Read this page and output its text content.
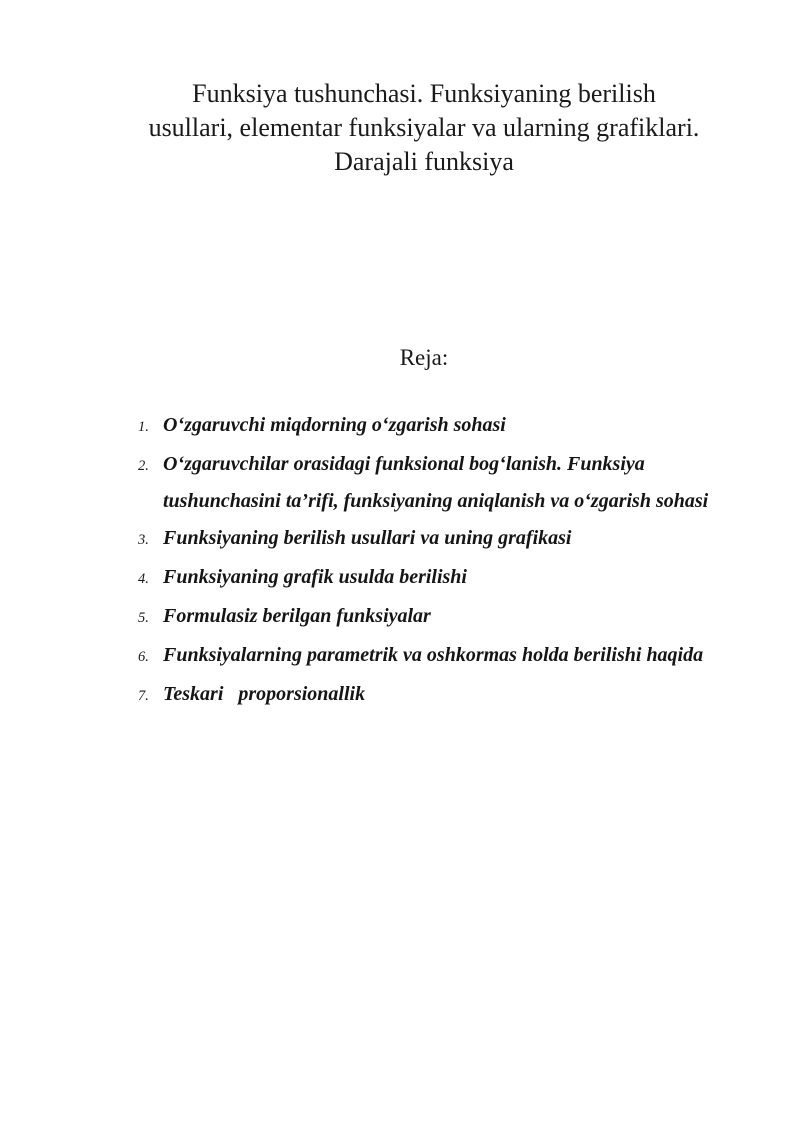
Funksiya tushunchasi. Funksiyaning berilish
usullari, elementar funksiyalar va ularning grafiklari.
Darajali funksiya

Reja:

1. O‘zgaruvchi miqdorning o‘zgarish sohasi
2. O‘zgaruvchilar orasidagi funksional bog‘lanish. Funksiya tushunchasini ta’rifi, funksiyaning aniqlanish va o‘zgarish sohasi
3. Funksiyaning berilish usullari va uning grafikasi
4. Funksiyaning grafik usulda berilishi
5. Formulasiz berilgan funksiyalar
6. Funksiyalarning parametrik va oshkormas holda berilishi haqida
7. Teskari   proporsionallik
